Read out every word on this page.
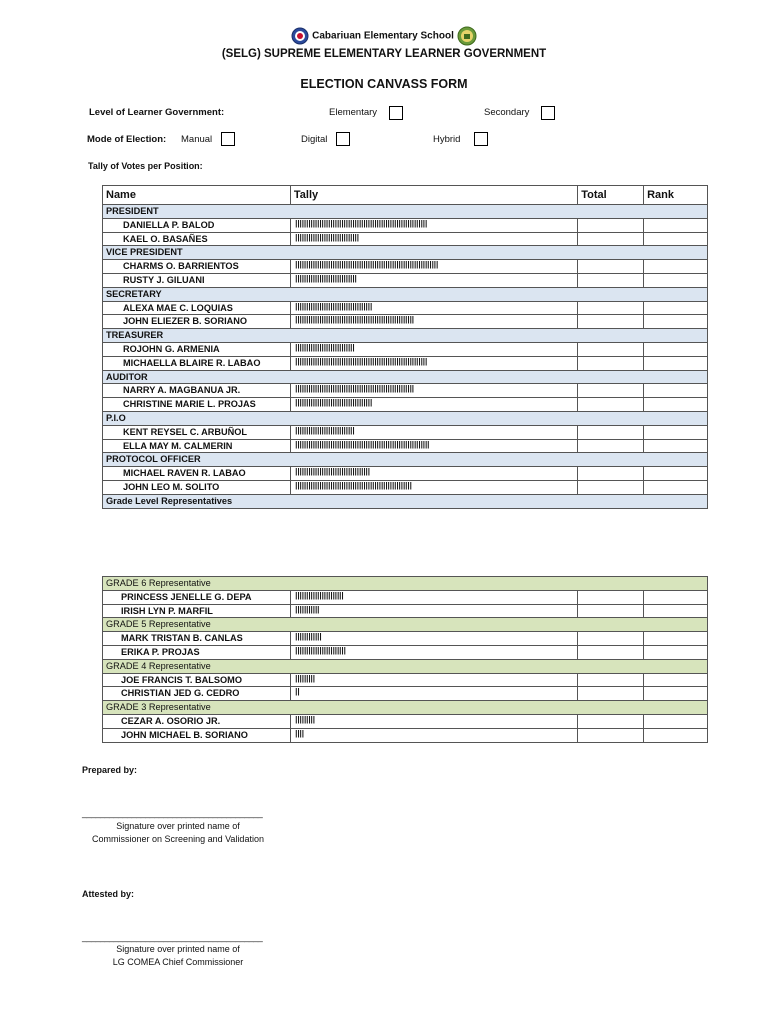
Cabariuan Elementary School
(SELG) SUPREME ELEMENTARY LEARNER GOVERNMENT
ELECTION CANVASS FORM
Level of Learner Government:	Elementary	Secondary
Mode of Election: Manual	Digital	Hybrid
Tally of Votes per Position:
Name	Tally	Total	Rank
PRESIDENT			
DANIELLA P. BALOD	||||||||||||||||||||||||||||||||||||||||||||||||||||||||||||		
KAEL O. BASAÑES	|||||||||||||||||||||||||||||		
VICE PRESIDENT			
CHARMS O. BARRIENTOS	|||||||||||||||||||||||||||||||||||||||||||||||||||||||||||||||||		
RUSTY J. GILUANI	||||||||||||||||||||||||||||		
SECRETARY			
ALEXA MAE C. LOQUIAS	|||||||||||||||||||||||||||||||||||		
JOHN ELIEZER B. SORIANO	||||||||||||||||||||||||||||||||||||||||||||||||||||||		
TREASURER			
ROJOHN G. ARMENIA	|||||||||||||||||||||||||||		
MICHAELLA BLAIRE R. LABAO	||||||||||||||||||||||||||||||||||||||||||||||||||||||||||||		
AUDITOR			
NARRY A. MAGBANUA JR.	||||||||||||||||||||||||||||||||||||||||||||||||||||||		
CHRISTINE MARIE L. PROJAS	|||||||||||||||||||||||||||||||||||		
P.I.O			
KENT REYSEL C. ARBUÑOL	|||||||||||||||||||||||||||		
ELLA MAY M. CALMERIN	|||||||||||||||||||||||||||||||||||||||||||||||||||||||||||||		
PROTOCOL OFFICER			
MICHAEL RAVEN R. LABAO	||||||||||||||||||||||||||||||||||		
JOHN LEO M. SOLITO	|||||||||||||||||||||||||||||||||||||||||||||||||||||		
Grade Level Representatives			
GRADE 6 Representative			
PRINCESS JENELLE G. DEPA	||||||||||||||||||||||		
IRISH LYN P. MARFIL	|||||||||||		
GRADE 5 Representative			
MARK TRISTAN B. CANLAS	||||||||||||		
ERIKA P. PROJAS	|||||||||||||||||||||||		
GRADE 4 Representative			
JOE FRANCIS T. BALSOMO	|||||||||		
CHRISTIAN JED G. CEDRO	||		
GRADE 3 Representative			
CEZAR A. OSORIO JR.	|||||||||		
JOHN MICHAEL B. SORIANO	||||		
Prepared by:
________________________________________
Signature over printed name of
Commissioner on Screening and Validation
Attested by:
________________________________________
Signature over printed name of
LG COMEA Chief Commissioner
